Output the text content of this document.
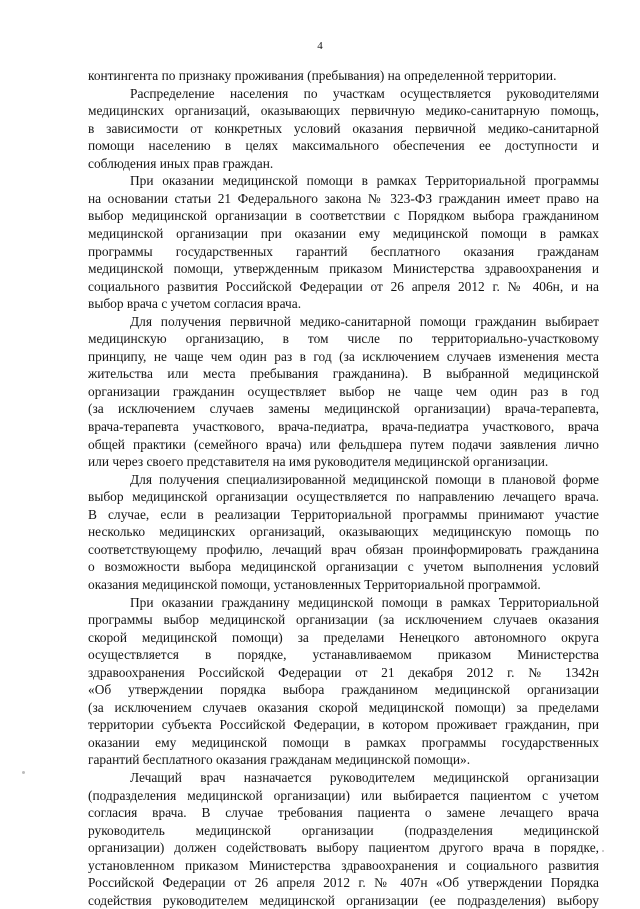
4
контингента по признаку проживания (пребывания) на определенной территории.
Распределение населения по участкам осуществляется руководителями
медицинских организаций, оказывающих первичную медико-санитарную помощь,
в зависимости от конкретных условий оказания первичной медико-санитарной
помощи населению в целях максимального обеспечения ее доступности и
соблюдения иных прав граждан.
При оказании медицинской помощи в рамках Территориальной программы
на основании статьи 21 Федерального закона № 323-ФЗ гражданин имеет право на
выбор медицинской организации в соответствии с Порядком выбора гражданином
медицинской организации при оказании ему медицинской помощи в рамках
программы государственных гарантий бесплатного оказания гражданам
медицинской помощи, утвержденным приказом Министерства здравоохранения и
социального развития Российской Федерации от 26 апреля 2012 г. № 406н, и на
выбор врача с учетом согласия врача.
Для получения первичной медико-санитарной помощи гражданин выбирает
медицинскую организацию, в том числе по территориально-участковому
принципу, не чаще чем один раз в год (за исключением случаев изменения места
жительства или места пребывания гражданина). В выбранной медицинской
организации гражданин осуществляет выбор не чаще чем один раз в год
(за исключением случаев замены медицинской организации) врача-терапевта,
врача-терапевта участкового, врача-педиатра, врача-педиатра участкового, врача
общей практики (семейного врача) или фельдшера путем подачи заявления лично
или через своего представителя на имя руководителя медицинской организации.
Для получения специализированной медицинской помощи в плановой форме
выбор медицинской организации осуществляется по направлению лечащего врача.
В случае, если в реализации Территориальной программы принимают участие
несколько медицинских организаций, оказывающих медицинскую помощь по
соответствующему профилю, лечащий врач обязан проинформировать гражданина
о возможности выбора медицинской организации с учетом выполнения условий
оказания медицинской помощи, установленных Территориальной программой.
При оказании гражданину медицинской помощи в рамках Территориальной
программы выбор медицинской организации (за исключением случаев оказания
скорой медицинской помощи) за пределами Ненецкого автономного округа
осуществляется в порядке, устанавливаемом приказом Министерства
здравоохранения Российской Федерации от 21 декабря 2012 г. № 1342н
«Об утверждении порядка выбора гражданином медицинской организации
(за исключением случаев оказания скорой медицинской помощи) за пределами
территории субъекта Российской Федерации, в котором проживает гражданин, при
оказании ему медицинской помощи в рамках программы государственных
гарантий бесплатного оказания гражданам медицинской помощи».
Лечащий врач назначается руководителем медицинской организации
(подразделения медицинской организации) или выбирается пациентом с учетом
согласия врача. В случае требования пациента о замене лечащего врача
руководитель медицинской организации (подразделения медицинской
организации) должен содействовать выбору пациентом другого врача в порядке,
установленном приказом Министерства здравоохранения и социального развития
Российской Федерации от 26 апреля 2012 г. № 407н «Об утверждении Порядка
содействия руководителем медицинской организации (ее подразделения) выбору
